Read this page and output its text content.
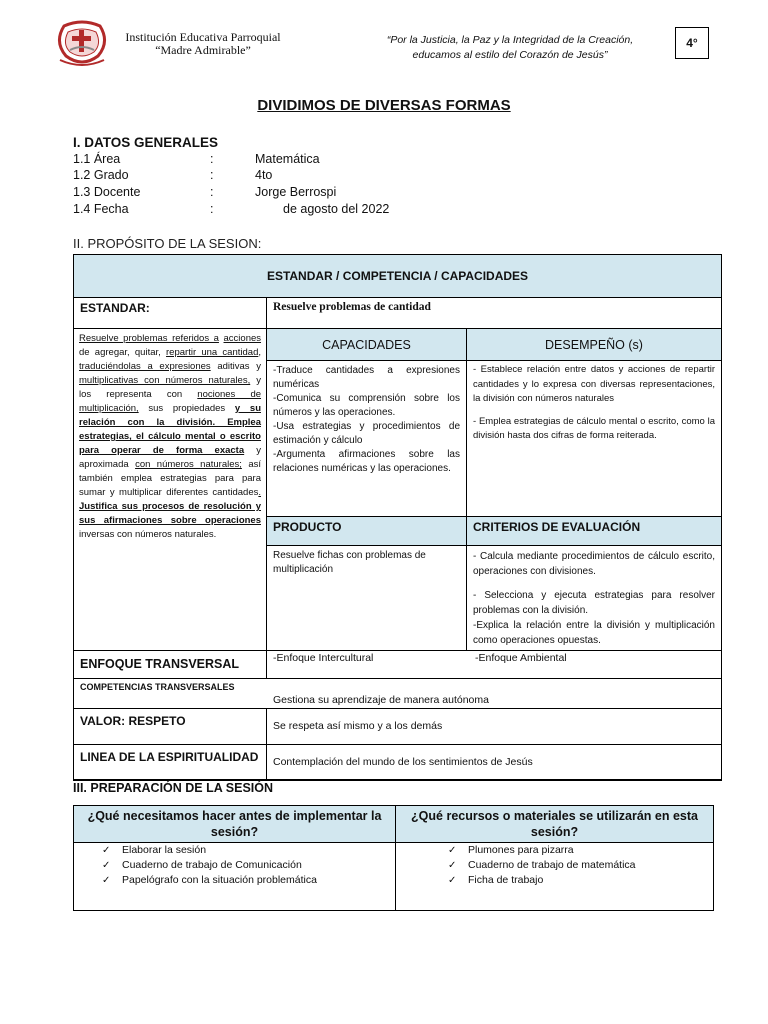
Institución Educativa Parroquial
“Madre Admirable”
“Por la Justicia, la Paz y la Integridad de la Creación,
educamos al estilo del Corazón de Jesús”
4°
DIVIDIMOS DE DIVERSAS FORMAS
I. DATOS GENERALES
1.1 Área	:	Matemática
1.2 Grado	:	4to
1.3 Docente	:	Jorge Berrospi
1.4 Fecha	:	de agosto del 2022
II. PROPÓSITO DE LA SESION:
ESTANDAR / COMPETENCIA / CAPACIDADES
ESTANDAR:	Resuelve problemas de cantidad
Resuelve problemas referidos a acciones de agregar, quitar, repartir una cantidad, traduciéndolas a expresiones aditivas y multiplicativas con números naturales, y los representa con nociones de multiplicación, sus propiedades y su relación con la división. Emplea estrategias, el cálculo mental o escrito para operar de forma exacta y aproximada con números naturales; así también emplea estrategias para para sumar y multiplicar diferentes cantidades. Justifica sus procesos de resolución y sus afirmaciones sobre operaciones inversas con números naturales.
CAPACIDADES	DESEMPEÑO (s)
-Traduce cantidades a expresiones numéricas
-Comunica su comprensión sobre los números y las operaciones.
-Usa estrategias y procedimientos de estimación y cálculo
-Argumenta afirmaciones sobre las relaciones numéricas y las operaciones.
- Establece relación entre datos y acciones de repartir cantidades y lo expresa con diversas representaciones, la división con números naturales
- Emplea estrategias de cálculo mental o escrito, como la división hasta dos cifras de forma reiterada.
PRODUCTO	CRITERIOS DE EVALUACIÓN
Resuelve fichas con problemas de multiplicación
- Calcula mediante procedimientos de cálculo escrito, operaciones con divisiones.
- Selecciona y ejecuta estrategias para resolver problemas con la división.
-Explica la relación entre la división y multiplicación como operaciones opuestas.
ENFOQUE TRANSVERSAL	-Enfoque Intercultural	-Enfoque Ambiental
COMPETENCIAS TRANSVERSALES
Gestiona su aprendizaje de manera autónoma
VALOR: RESPETO	Se respeta así mismo y a los demás
LINEA DE LA ESPIRITUALIDAD	Contemplación del mundo de los sentimientos de Jesús
III. PREPARACIÓN DE LA SESIÓN
¿Qué necesitamos hacer antes de implementar la sesión?
¿Qué recursos o materiales se utilizarán en esta sesión?
✓ Elaborar la sesión
✓ Cuaderno de trabajo de Comunicación
✓ Papelógrafo con la situación problemática
✓ Plumones para pizarra
✓ Cuaderno de trabajo de matemática
✓ Ficha de trabajo
